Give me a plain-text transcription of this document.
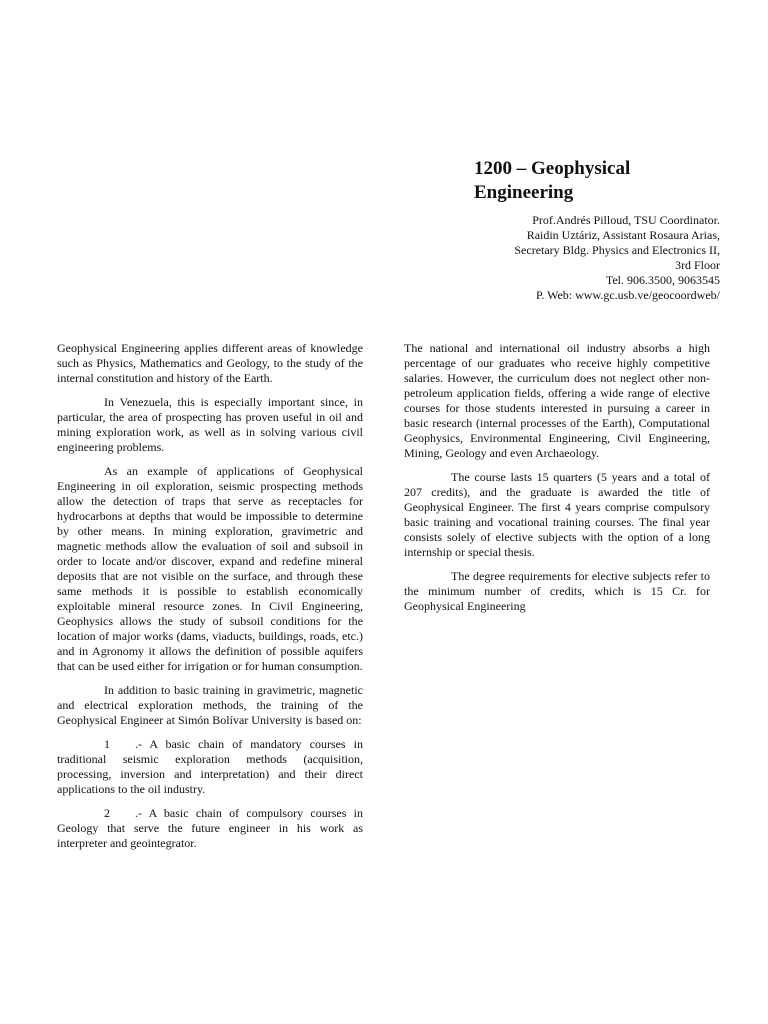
1200 – Geophysical Engineering
Prof.Andrés Pilloud, TSU Coordinator.
Raidin Uztáriz, Assistant Rosaura Arias,
Secretary Bldg. Physics and Electronics II,
3rd Floor
Tel. 906.3500, 9063545
P. Web: www.gc.usb.ve/geocoordweb/

Geophysical Engineering applies different areas of knowledge such as Physics, Mathematics and Geology, to the study of the internal constitution and history of the Earth.

In Venezuela, this is especially important since, in particular, the area of prospecting has proven useful in oil and mining exploration work, as well as in solving various civil engineering problems.

As an example of applications of Geophysical Engineering in oil exploration, seismic prospecting methods allow the detection of traps that serve as receptacles for hydrocarbons at depths that would be impossible to determine by other means. In mining exploration, gravimetric and magnetic methods allow the evaluation of soil and subsoil in order to locate and/or discover, expand and redefine mineral deposits that are not visible on the surface, and through these same methods it is possible to establish economically exploitable mineral resource zones. In Civil Engineering, Geophysics allows the study of subsoil conditions for the location of major works (dams, viaducts, buildings, roads, etc.) and in Agronomy it allows the definition of possible aquifers that can be used either for irrigation or for human consumption.

In addition to basic training in gravimetric, magnetic and electrical exploration methods, the training of the Geophysical Engineer at Simón Bolívar University is based on:

1 .- A basic chain of mandatory courses in traditional seismic exploration methods (acquisition, processing, inversion and interpretation) and their direct applications to the oil industry.
2 .- A basic chain of compulsory courses in Geology that serve the future engineer in his work as interpreter and geointegrator.

The national and international oil industry absorbs a high percentage of our graduates who receive highly competitive salaries. However, the curriculum does not neglect other non-petroleum application fields, offering a wide range of elective courses for those students interested in pursuing a career in basic research (internal processes of the Earth), Computational Geophysics, Environmental Engineering, Civil Engineering, Mining, Geology and even Archaeology.

The course lasts 15 quarters (5 years and a total of 207 credits), and the graduate is awarded the title of Geophysical Engineer. The first 4 years comprise compulsory basic training and vocational training courses. The final year consists solely of elective subjects with the option of a long internship or special thesis.

The degree requirements for elective subjects refer to the minimum number of credits, which is 15 Cr. for Geophysical Engineering
